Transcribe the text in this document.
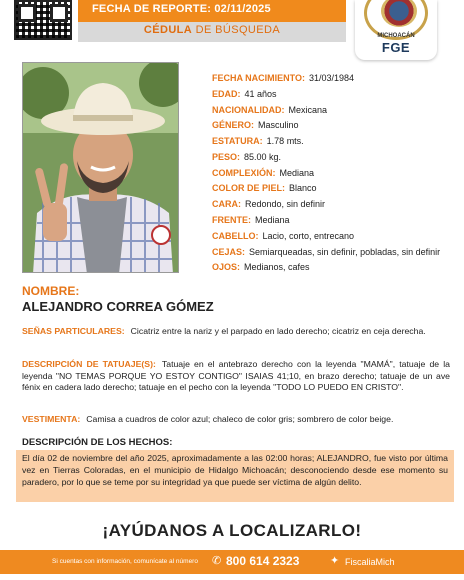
FECHA DE REPORTE: 02/11/2025
CÉDULA DE BÚSQUEDA	MICHOACÁN
FGE
FECHA NACIMIENTO: 31/03/1984
EDAD: 41 años
NACIONALIDAD: Mexicana
GÉNERO: Masculino
ESTATURA: 1.78 mts.
PESO: 85.00 kg.
COMPLEXIÓN: Mediana
COLOR DE PIEL: Blanco
CARA: Redondo, sin definir
FRENTE: Mediana
CABELLO: Lacio, corto, entrecano
CEJAS: Semiarqueadas, sin definir, pobladas, sin definir
OJOS: Medianos, cafes
NOMBRE:
ALEJANDRO CORREA GÓMEZ
SEÑAS PARTICULARES: Cicatriz entre la nariz y el parpado en lado derecho; cicatriz en ceja derecha.
DESCRIPCIÓN DE TATUAJE(S): Tatuaje en el antebrazo derecho con la leyenda "MAMÁ", tatuaje de la leyenda "NO TEMAS PORQUE YO ESTOY CONTIGO" ISAIAS 41;10, en brazo derecho; tatuaje de un ave fénix en cadera lado derecho; tatuaje en el pecho con la leyenda "TODO LO PUEDO EN CRISTO".
VESTIMENTA: Camisa a cuadros de color azul; chaleco de color gris; sombrero de color beige.
DESCRIPCIÓN DE LOS HECHOS:
El día 02 de noviembre del año 2025, aproximadamente a las 02:00 horas; ALEJANDRO, fue visto por última vez en Tierras Coloradas, en el municipio de Hidalgo Michoacán; desconociendo desde ese momento su paradero, por lo que se teme por su integridad ya que puede ser víctima de algún delito.
¡AYÚDANOS A LOCALIZARLO!
Si cuentas con información, comunícate al número ✆ 800 614 2323	✦ FiscaliaMich
